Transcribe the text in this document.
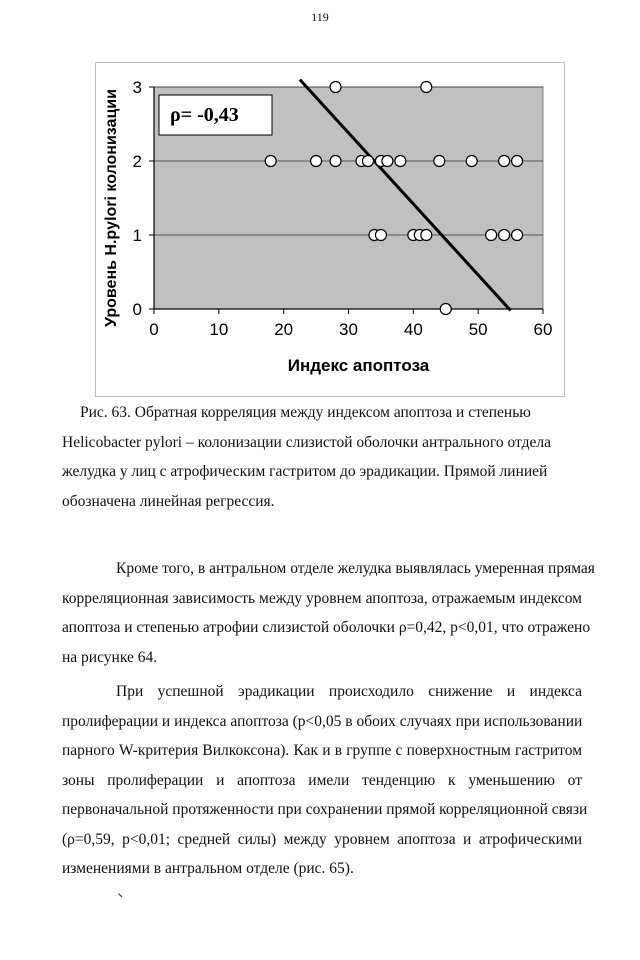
119
0	10	20	30	40	50	60
0
1
2
3
Индекс апоптоза
Уровень H.pylori колонизации	ρ= -0,43
Рис. 63. Обратная корреляция между индексом апоптоза и степенью
Helicobacter pylori – колонизации слизистой оболочки антрального отдела
желудка у лиц с атрофическим гастритом до эрадикации. Прямой линией
обозначена линейная регрессия.
Кроме того, в антральном отделе желудка выявлялась умеренная прямая
корреляционная зависимость между уровнем апоптоза, отражаемым индексом
апоптоза и степенью атрофии слизистой оболочки ρ=0,42, p<0,01, что отражено
на рисунке 64.
При успешной эрадикации происходило снижение и индекса
пролиферации и индекса апоптоза (p<0,05 в обоих случаях при использовании
парного W-критерия Вилкоксона). Как и в группе с поверхностным гастритом
зоны пролиферации и апоптоза имели тенденцию к уменьшению от
первоначальной протяженности при сохранении прямой корреляционной связи
(ρ=0,59, p<0,01; средней силы) между уровнем апоптоза и атрофическими
изменениями в антральном отделе (рис. 65).
